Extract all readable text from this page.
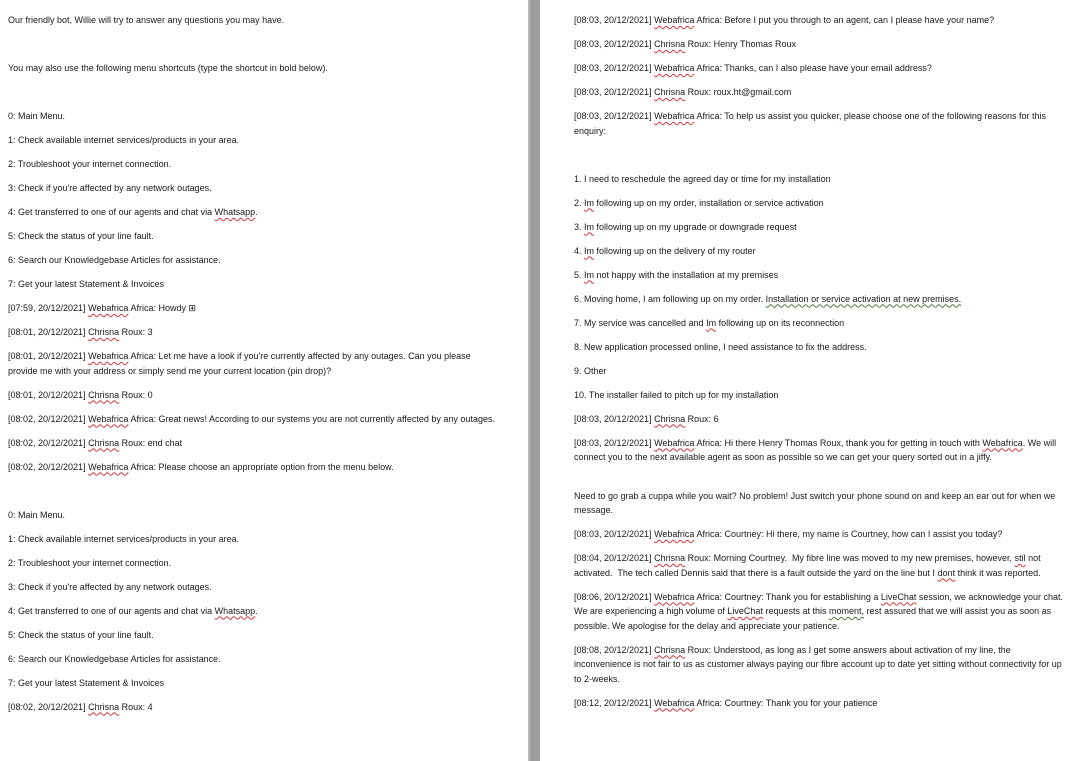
Our friendly bot, Willie will try to answer any questions you may have.
You may also use the following menu shortcuts (type the shortcut in bold below).
0: Main Menu.
1: Check available internet services/products in your area.
2: Troubleshoot your internet connection.
3: Check if you're affected by any network outages.
4: Get transferred to one of our agents and chat via Whatsapp.
5: Check the status of your line fault.
6: Search our Knowledgebase Articles for assistance.
7: Get your latest Statement & Invoices
[07:59, 20/12/2021] Webafrica Africa: Howdy ⊞
[08:01, 20/12/2021] Chrisna Roux: 3
[08:01, 20/12/2021] Webafrica Africa: Let me have a look if you're currently affected by any outages. Can you please provide me with your address or simply send me your current location (pin drop)?
[08:01, 20/12/2021] Chrisna Roux: 0
[08:02, 20/12/2021] Webafrica Africa: Great news! According to our systems you are not currently affected by any outages.
[08:02, 20/12/2021] Chrisna Roux: end chat
[08:02, 20/12/2021] Webafrica Africa: Please choose an appropriate option from the menu below.
0: Main Menu.
1: Check available internet services/products in your area.
2: Troubleshoot your internet connection.
3: Check if you're affected by any network outages.
4: Get transferred to one of our agents and chat via Whatsapp.
5: Check the status of your line fault.
6: Search our Knowledgebase Articles for assistance.
7: Get your latest Statement & Invoices
[08:02, 20/12/2021] Chrisna Roux: 4
[08:03, 20/12/2021] Webafrica Africa: Before I put you through to an agent, can I please have your name?
[08:03, 20/12/2021] Chrisna Roux: Henry Thomas Roux
[08:03, 20/12/2021] Webafrica Africa: Thanks, can I also please have your email address?
[08:03, 20/12/2021] Chrisna Roux: roux.ht@gmail.com
[08:03, 20/12/2021] Webafrica Africa: To help us assist you quicker, please choose one of the following reasons for this enquiry:
1. I need to reschedule the agreed day or time for my installation
2. Im following up on my order, installation or service activation
3. Im following up on my upgrade or downgrade request
4. Im following up on the delivery of my router
5. Im not happy with the installation at my premises
6. Moving home, I am following up on my order. Installation or service activation at new premises.
7. My service was cancelled and Im following up on its reconnection
8. New application processed online, I need assistance to fix the address.
9. Other
10. The installer failed to pitch up for my installation
[08:03, 20/12/2021] Chrisna Roux: 6
[08:03, 20/12/2021] Webafrica Africa: Hi there Henry Thomas Roux, thank you for getting in touch with Webafrica. We will connect you to the next available agent as soon as possible so we can get your query sorted out in a jiffy.
Need to go grab a cuppa while you wait? No problem! Just switch your phone sound on and keep an ear out for when we message.
[08:03, 20/12/2021] Webafrica Africa: Courtney: Hi there, my name is Courtney, how can I assist you today?
[08:04, 20/12/2021] Chrisna Roux: Morning Courtney.  My fibre line was moved to my new premises, however, stil not activated.  The tech called Dennis said that there is a fault outside the yard on the line but I dont think it was reported.
[08:06, 20/12/2021] Webafrica Africa: Courtney: Thank you for establishing a LiveChat session, we acknowledge your chat. We are experiencing a high volume of LiveChat requests at this moment, rest assured that we will assist you as soon as possible. We apologise for the delay and appreciate your patience.
[08:08, 20/12/2021] Chrisna Roux: Understood, as long as I get some answers about activation of my line, the inconvenience is not fair to us as customer always paying our fibre account up to date yet sitting without connectivity for up to 2-weeks.
[08:12, 20/12/2021] Webafrica Africa: Courtney: Thank you for your patience
